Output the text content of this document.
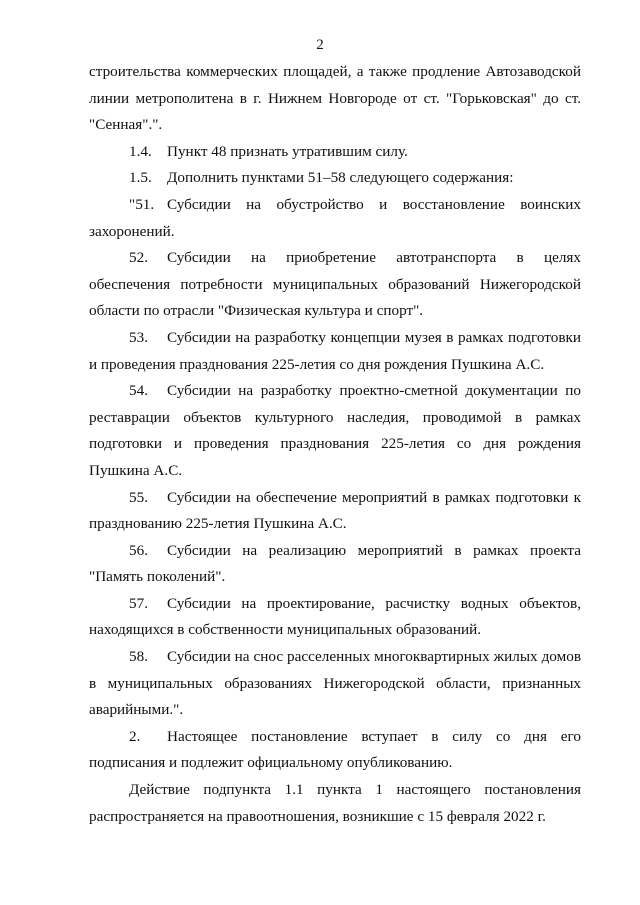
2

строительства коммерческих площадей, а также продление Автозаводской линии метрополитена в г. Нижнем Новгороде от ст. "Горьковская" до ст. "Сенная".".

1.4. Пункт 48 признать утратившим силу.

1.5. Дополнить пунктами 51–58 следующего содержания:

"51. Субсидии на обустройство и восстановление воинских захоронений.

52. Субсидии на приобретение автотранспорта в целях обеспечения потребности муниципальных образований Нижегородской области по отрасли "Физическая культура и спорт".

53. Субсидии на разработку концепции музея в рамках подготовки и проведения празднования 225-летия со дня рождения Пушкина А.С.

54. Субсидии на разработку проектно-сметной документации по реставрации объектов культурного наследия, проводимой в рамках подготовки и проведения празднования 225-летия со дня рождения Пушкина А.С.

55. Субсидии на обеспечение мероприятий в рамках подготовки к празднованию 225-летия Пушкина А.С.

56. Субсидии на реализацию мероприятий в рамках проекта "Память поколений".

57. Субсидии на проектирование, расчистку водных объектов, находящихся в собственности муниципальных образований.

58. Субсидии на снос расселенных многоквартирных жилых домов в муниципальных образованиях Нижегородской области, признанных аварийными.".

2. Настоящее постановление вступает в силу со дня его подписания и подлежит официальному опубликованию.

Действие подпункта 1.1 пункта 1 настоящего постановления распространяется на правоотношения, возникшие с 15 февраля 2022 г.
